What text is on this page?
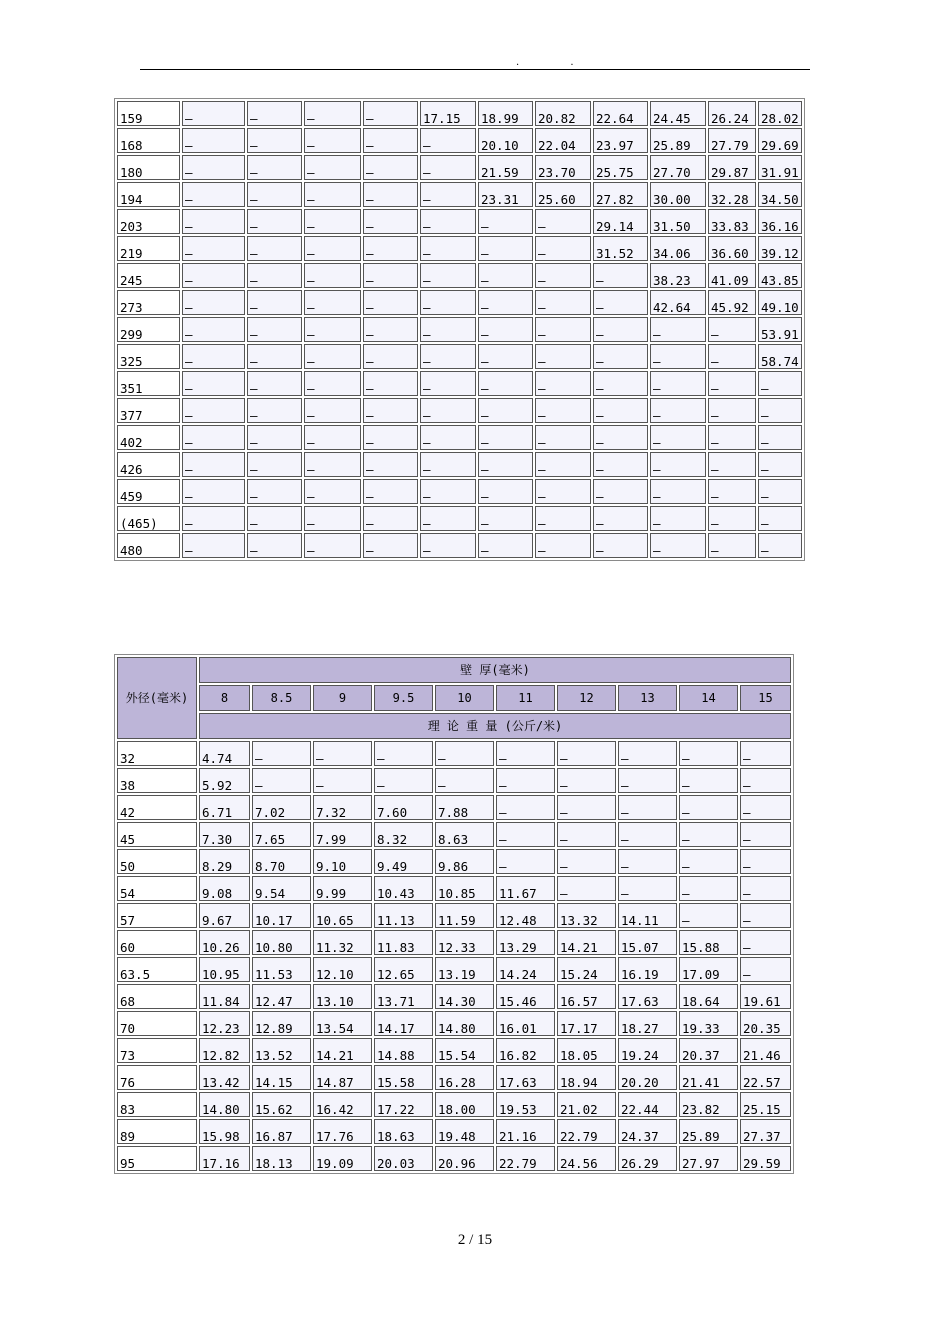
. .
159	–	–	–	–	17.15	18.99	20.82	22.64	24.45	26.24	28.02
168	–	–	–	–	–	20.10	22.04	23.97	25.89	27.79	29.69
180	–	–	–	–	–	21.59	23.70	25.75	27.70	29.87	31.91
194	–	–	–	–	–	23.31	25.60	27.82	30.00	32.28	34.50
203	–	–	–	–	–	–	–	29.14	31.50	33.83	36.16
219	–	–	–	–	–	–	–	31.52	34.06	36.60	39.12
245	–	–	–	–	–	–	–	–	38.23	41.09	43.85
273	–	–	–	–	–	–	–	–	42.64	45.92	49.10
299	–	–	–	–	–	–	–	–	–	–	53.91
325	–	–	–	–	–	–	–	–	–	–	58.74
351	–	–	–	–	–	–	–	–	–	–	–
377	–	–	–	–	–	–	–	–	–	–	–
402	–	–	–	–	–	–	–	–	–	–	–
426	–	–	–	–	–	–	–	–	–	–	–
459	–	–	–	–	–	–	–	–	–	–	–
(465)	–	–	–	–	–	–	–	–	–	–	–
480	–	–	–	–	–	–	–	–	–	–	–
外径(毫米)	壁 厚(毫米)									
	8	8.5	9	9.5	10	11	12	13	14	15
	理 论 重 量 (公斤/米)									
32	4.74	–	–	–	–	–	–	–	–	–
38	5.92	–	–	–	–	–	–	–	–	–
42	6.71	7.02	7.32	7.60	7.88	–	–	–	–	–
45	7.30	7.65	7.99	8.32	8.63	–	–	–	–	–
50	8.29	8.70	9.10	9.49	9.86	–	–	–	–	–
54	9.08	9.54	9.99	10.43	10.85	11.67	–	–	–	–
57	9.67	10.17	10.65	11.13	11.59	12.48	13.32	14.11	–	–
60	10.26	10.80	11.32	11.83	12.33	13.29	14.21	15.07	15.88	–
63.5	10.95	11.53	12.10	12.65	13.19	14.24	15.24	16.19	17.09	–
68	11.84	12.47	13.10	13.71	14.30	15.46	16.57	17.63	18.64	19.61
70	12.23	12.89	13.54	14.17	14.80	16.01	17.17	18.27	19.33	20.35
73	12.82	13.52	14.21	14.88	15.54	16.82	18.05	19.24	20.37	21.46
76	13.42	14.15	14.87	15.58	16.28	17.63	18.94	20.20	21.41	22.57
83	14.80	15.62	16.42	17.22	18.00	19.53	21.02	22.44	23.82	25.15
89	15.98	16.87	17.76	18.63	19.48	21.16	22.79	24.37	25.89	27.37
95	17.16	18.13	19.09	20.03	20.96	22.79	24.56	26.29	27.97	29.59
2 / 15
